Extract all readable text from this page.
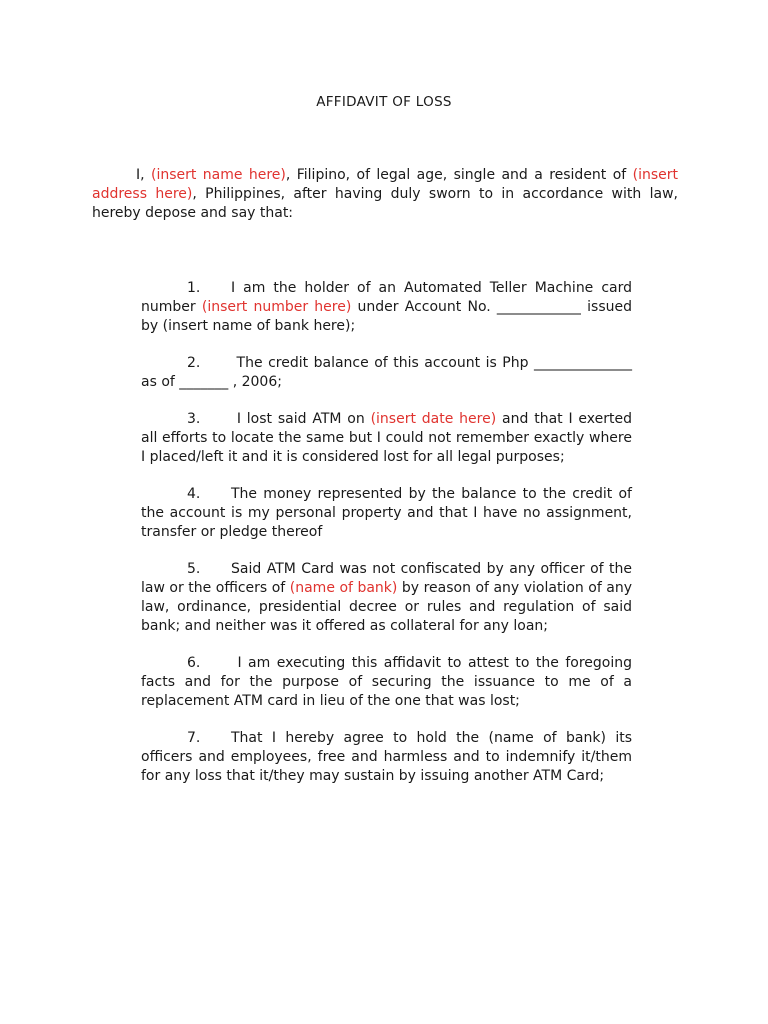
AFFIDAVIT OF LOSS

I, (insert name here), Filipino, of legal age, single and a resident of (insert address here), Philippines, after having duly sworn to in accordance with law, hereby depose and say that:

1. I am the holder of an Automated Teller Machine card number (insert number here) under Account No. ____________ issued by (insert name of bank here);

2. The credit balance of this account is Php ______________ as of _______ , 2006;

3. I lost said ATM on (insert date here) and that I exerted all efforts to locate the same but I could not remember exactly where I placed/left it and it is considered lost for all legal purposes;

4. The money represented by the balance to the credit of the account is my personal property and that I have no assignment, transfer or pledge thereof

5. Said ATM Card was not confiscated by any officer of the law or the officers of (name of bank) by reason of any violation of any law, ordinance, presidential decree or rules and regulation of said bank; and neither was it offered as collateral for any loan;

6. I am executing this affidavit to attest to the foregoing facts and for the purpose of securing the issuance to me of a replacement ATM card in lieu of the one that was lost;

7. That I hereby agree to hold the (name of bank) its officers and employees, free and harmless and to indemnify it/them for any loss that it/they may sustain by issuing another ATM Card;
